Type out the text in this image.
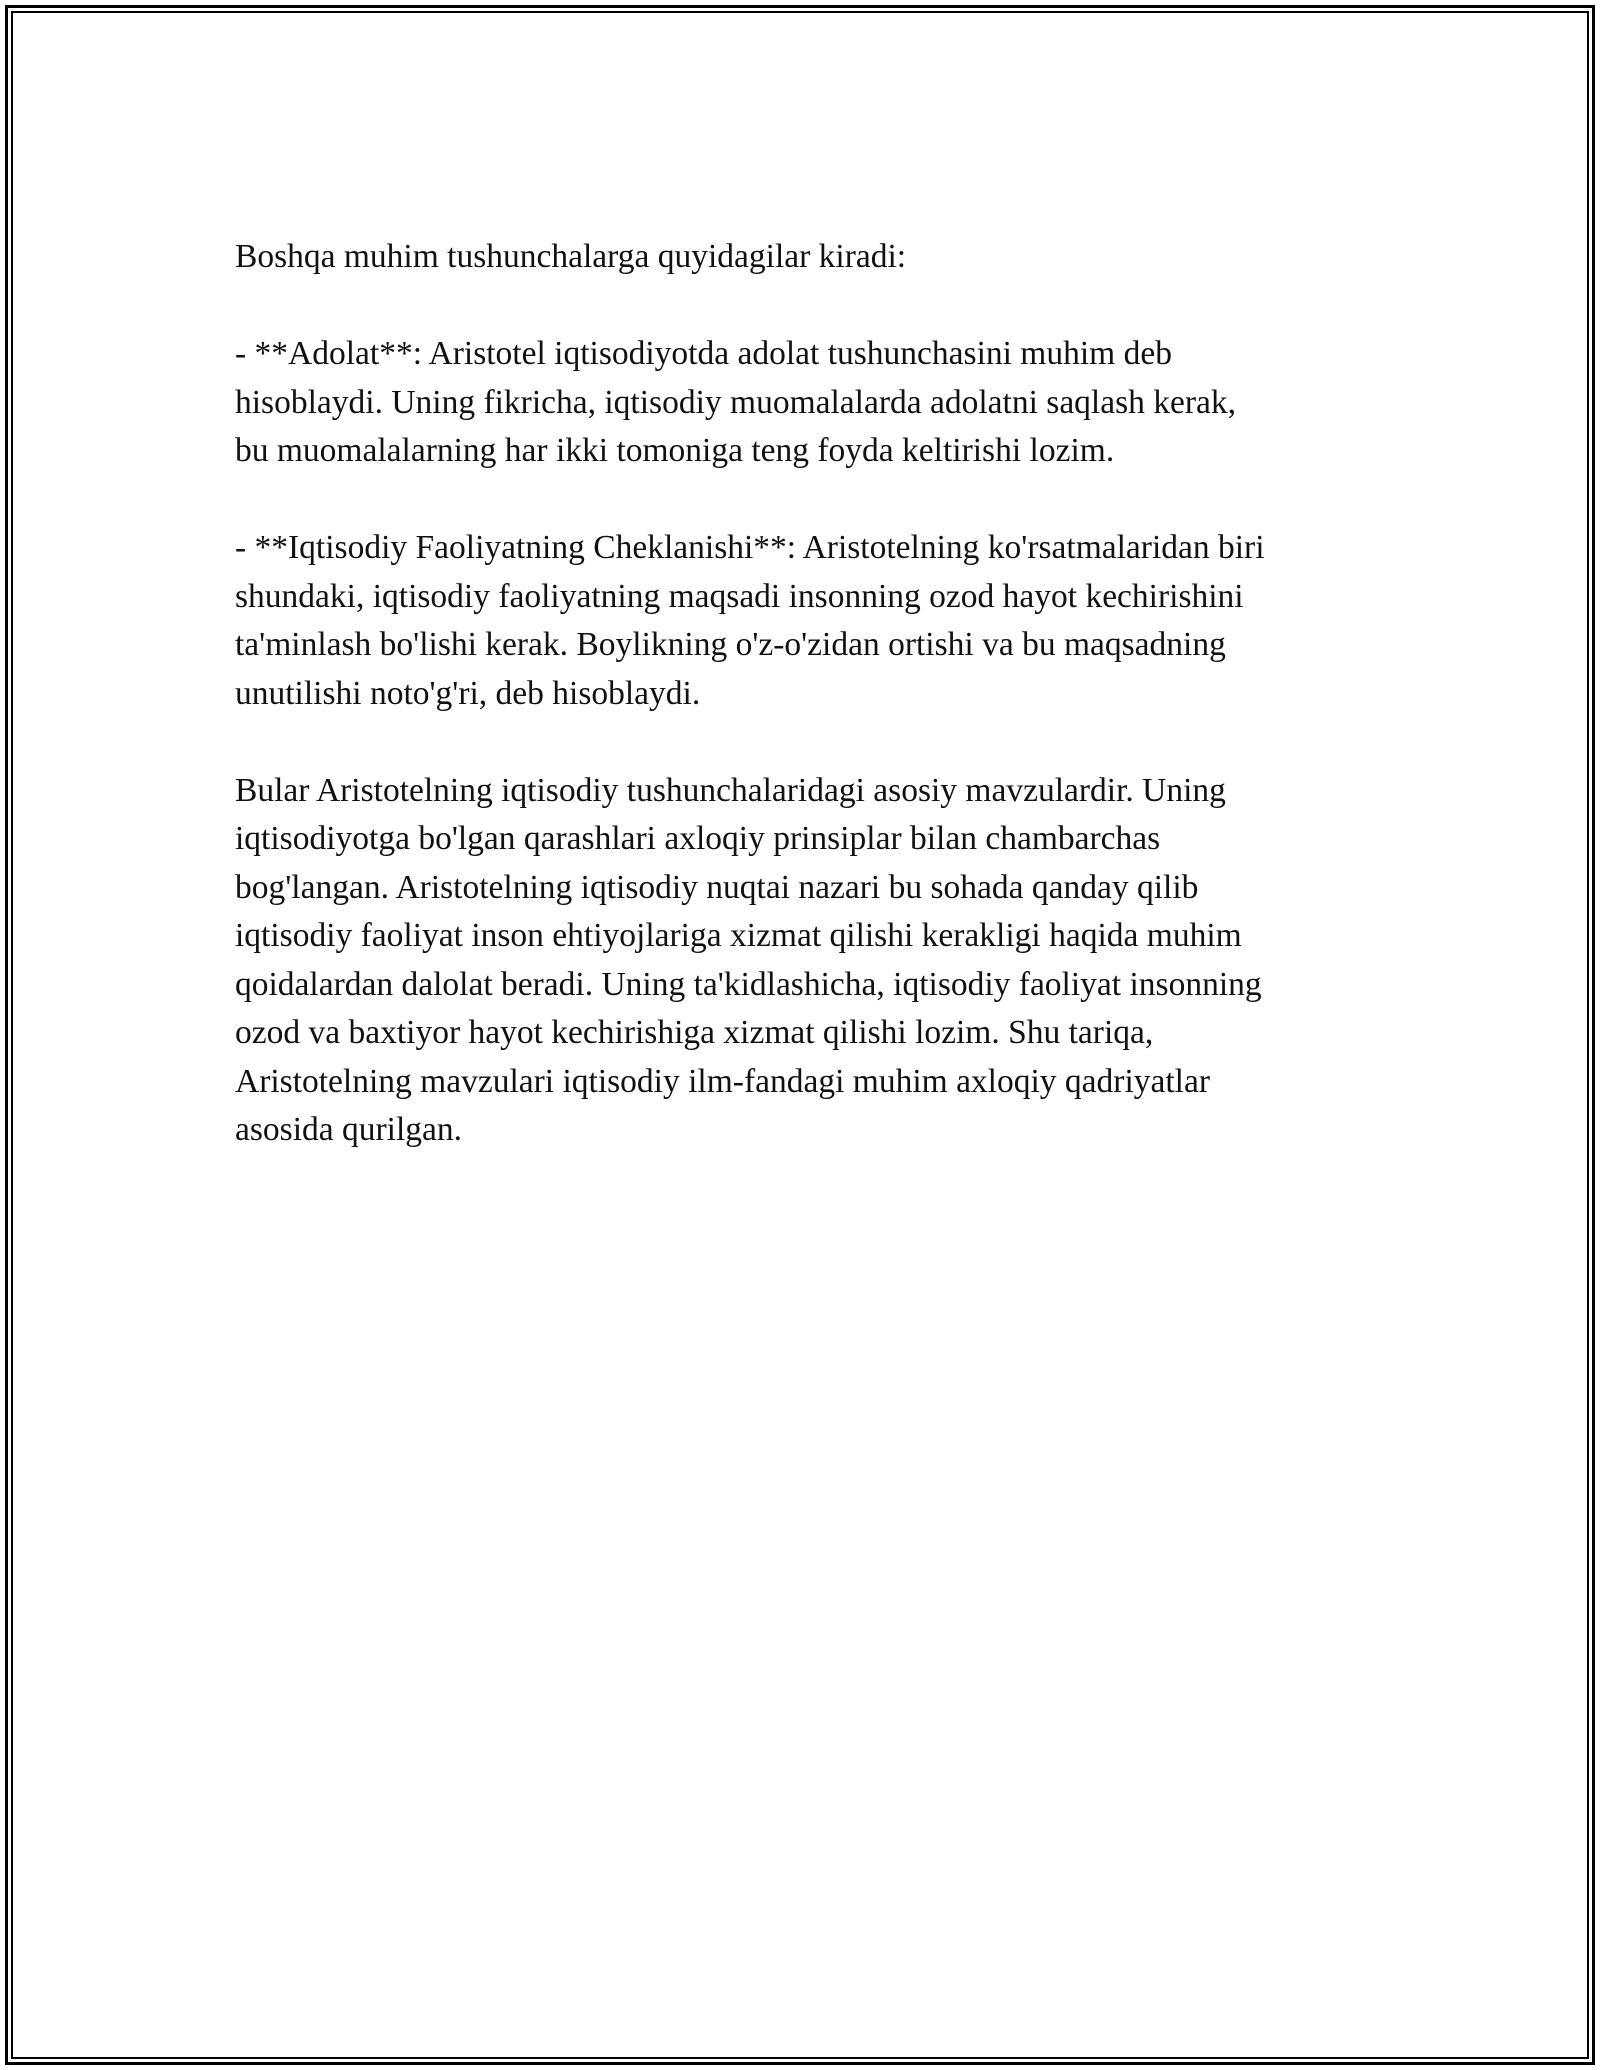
Boshqa muhim tushunchalarga quyidagilar kiradi:

- **Adolat**: Aristotel iqtisodiyotda adolat tushunchasini muhim deb
hisoblaydi. Uning fikricha, iqtisodiy muomalalarda adolatni saqlash kerak,
bu muomalalarning har ikki tomoniga teng foyda keltirishi lozim.

- **Iqtisodiy Faoliyatning Cheklanishi**: Aristotelning ko'rsatmalaridan biri
shundaki, iqtisodiy faoliyatning maqsadi insonning ozod hayot kechirishini
ta'minlash bo'lishi kerak. Boylikning o'z-o'zidan ortishi va bu maqsadning
unutilishi noto'g'ri, deb hisoblaydi.

Bular Aristotelning iqtisodiy tushunchalaridagi asosiy mavzulardir. Uning
iqtisodiyotga bo'lgan qarashlari axloqiy prinsiplar bilan chambarchas
bog'langan. Aristotelning iqtisodiy nuqtai nazari bu sohada qanday qilib
iqtisodiy faoliyat inson ehtiyojlariga xizmat qilishi kerakligi haqida muhim
qoidalardan dalolat beradi. Uning ta'kidlashicha, iqtisodiy faoliyat insonning
ozod va baxtiyor hayot kechirishiga xizmat qilishi lozim. Shu tariqa,
Aristotelning mavzulari iqtisodiy ilm-fandagi muhim axloqiy qadriyatlar
asosida qurilgan.
